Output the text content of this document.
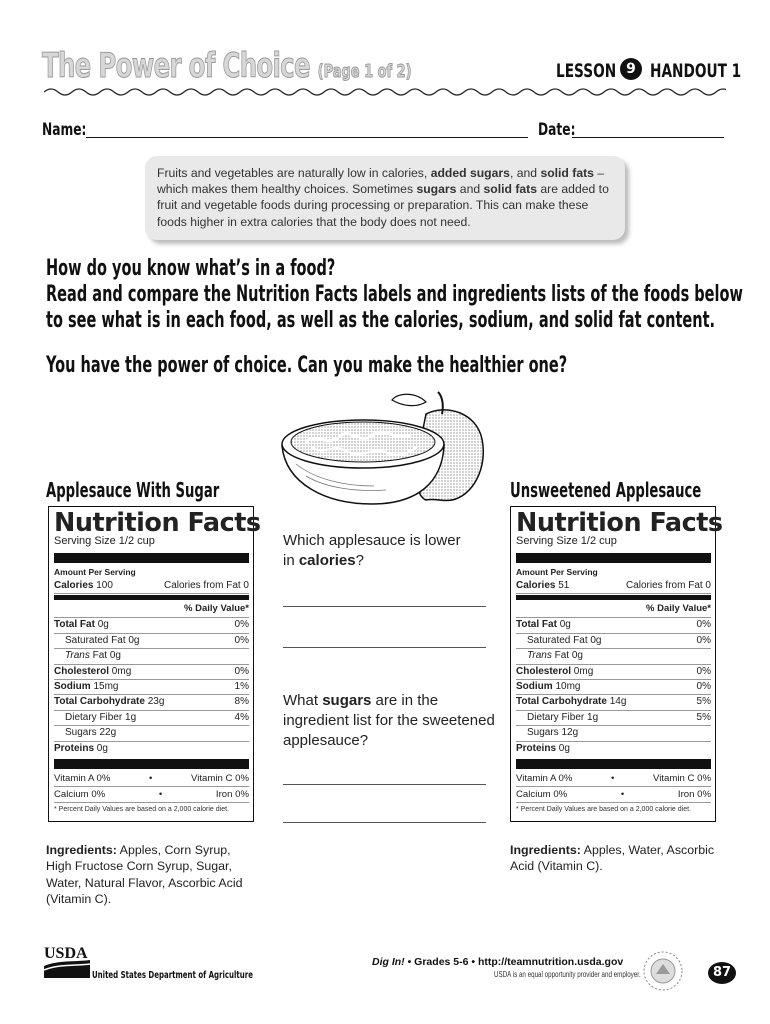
The Power of Choice (Page 1 of 2)	LESSON 9 HANDOUT 1
Name:	Date:
Fruits and vegetables are naturally low in calories, added sugars, and solid fats – which makes them healthy choices. Sometimes sugars and solid fats are added to fruit and vegetable foods during processing or preparation. This can make these foods higher in extra calories that the body does not need.
How do you know what’s in a food?
Read and compare the Nutrition Facts labels and ingredients lists of the foods below
to see what is in each food, as well as the calories, sodium, and solid fat content.
You have the power of choice. Can you make the healthier one?
Applesauce With Sugar	Unsweetened Applesauce
Nutrition Facts
Serving Size 1/2 cup
Amount Per Serving
Calories 100	Calories from Fat 0
% Daily Value*
Total Fat 0g	0%
Saturated Fat 0g	0%
Trans Fat 0g
Cholesterol 0mg	0%
Sodium 15mg	1%
Total Carbohydrate 23g	8%
Dietary Fiber 1g	4%
Sugars 22g
Proteins 0g
Vitamin A 0%	•	Vitamin C 0%
Calcium 0%	•	Iron 0%
* Percent Daily Values are based on a 2,000 calorie diet.
Nutrition Facts
Serving Size 1/2 cup
Amount Per Serving
Calories 51	Calories from Fat 0
% Daily Value*
Total Fat 0g	0%
Saturated Fat 0g	0%
Trans Fat 0g
Cholesterol 0mg	0%
Sodium 10mg	0%
Total Carbohydrate 14g	5%
Dietary Fiber 1g	5%
Sugars 12g
Proteins 0g
Vitamin A 0%	•	Vitamin C 0%
Calcium 0%	•	Iron 0%
* Percent Daily Values are based on a 2,000 calorie diet.
Which applesauce is lower
in calories?
What sugars are in the
ingredient list for the sweetened
applesauce?
Ingredients: Apples, Corn Syrup, High Fructose Corn Syrup, Sugar, Water, Natural Flavor, Ascorbic Acid (Vitamin C).
Ingredients: Apples, Water, Ascorbic Acid (Vitamin C).
USDA
United States Department of Agriculture
Dig In! • Grades 5-6 • http://teamnutrition.usda.gov
USDA is an equal opportunity provider and employer.	87
